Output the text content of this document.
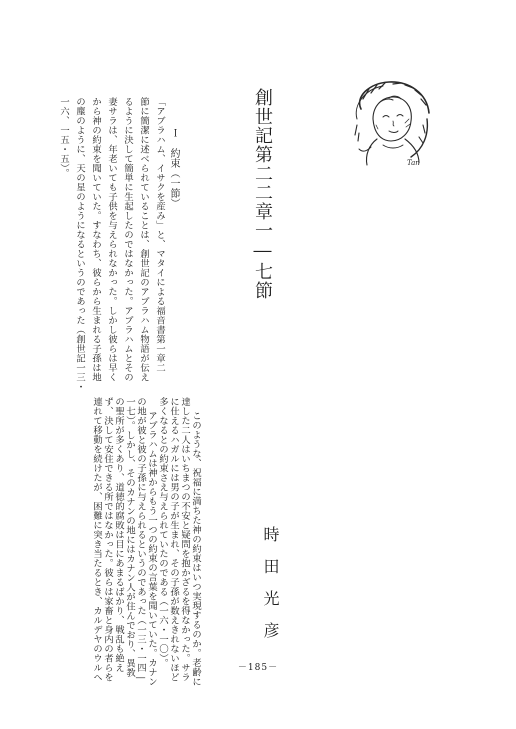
Tan
創世記第二二章一―七節
時田光彦
Ｉ　約束（一節）
「アブラハム、イサクを産み」と、マタイによる福音書第一章二
節に簡潔に述べられていることは、創世記のアブラハム物語が伝え
るように決して簡単に生起したのではなかった。アブラハムとその
妻サラは、年老いても子供を与えられなかった。しかし彼らは早く
から神の約束を聞いていた。すなわち、彼らから生まれる子孫は地
の塵のように、天の星のようになるというのであった（創世記一三・
一六、一五・五）。
このような、祝福に満ちた神の約束はいつ実現するのか。老齢に
達した二人はいちまつの不安と疑問を抱かざるを得なかった。サラ
に仕えるハガルには男の子が生まれ、その子孫が数えきれないほど
多くなるとの約束さえ与えられていたのである（一六・一〇）。
アブラハムは神からもう一つの約束の言葉を聞いていた。カナン
の地が彼と彼の子孫に与えられるというのであった（一三・一四―
一七）。しかし、そのカナンの地にはカナン人が住んでおり、異教
の聖所が多くあり、道徳的腐敗は目にあまるばかり、戦乱も絶え
ず、決して安住できる所ではなかった。彼らは家畜と身内の者らを
連れて移動を続けたが、困難に突き当たるとき、カルデヤのウルへ	－185－
